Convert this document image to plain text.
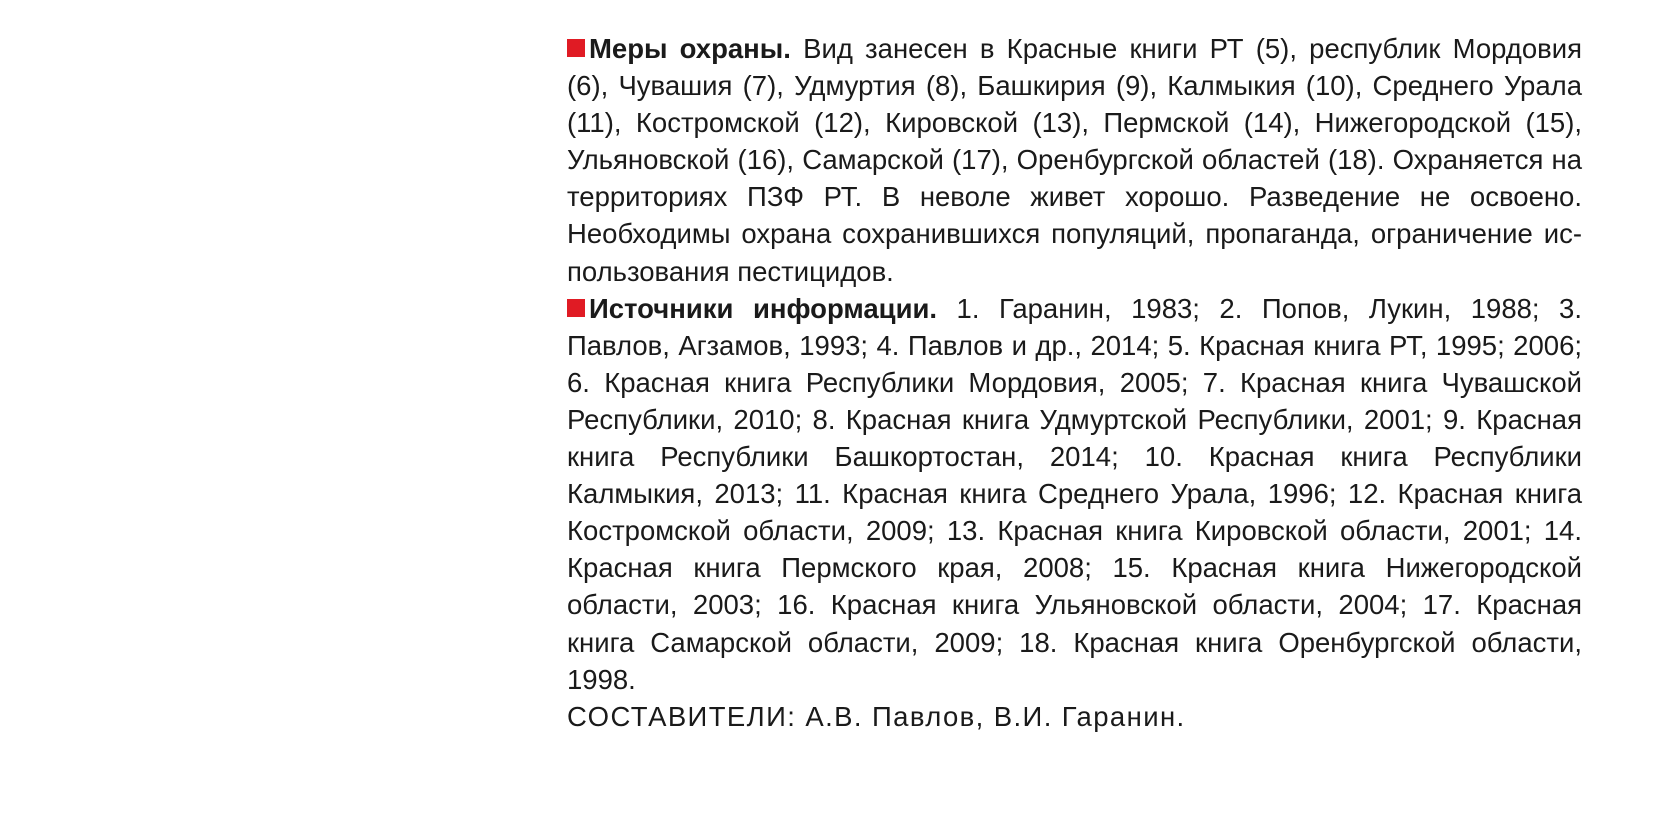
Меры охраны. Вид занесен в Красные книги РТ (5), республик Мордовия (6), Чувашия (7), Удмуртия (8), Башкирия (9), Калмыкия (10), Среднего Урала (11), Костромской (12), Кировской (13), Пермской (14), Нижегородской (15), Ульяновской (16), Самарской (17), Оренбургской областей (18). Охраняется на территориях ПЗФ РТ. В неволе живет хорошо. Разведение не освоено. Необходимы охрана сохранившихся популяций, пропаганда, ограничение использования пестицидов.

Источники информации. 1. Гаранин, 1983; 2. Попов, Лукин, 1988; 3. Павлов, Агзамов, 1993; 4. Павлов и др., 2014; 5. Красная книга РТ, 1995; 2006; 6. Красная книга Республики Мордовия, 2005; 7. Красная книга Чувашской Республики, 2010; 8. Красная книга Удмуртской Республики, 2001; 9. Красная книга Республики Башкортостан, 2014; 10. Красная книга Республики Калмыкия, 2013; 11. Красная книга Среднего Урала, 1996; 12. Красная книга Костромской области, 2009; 13. Красная книга Кировской области, 2001; 14. Красная книга Пермского края, 2008; 15. Красная книга Нижегородской области, 2003; 16. Красная книга Ульяновской области, 2004; 17. Красная книга Самарской области, 2009; 18. Красная книга Оренбургской области, 1998.

СОСТАВИТЕЛИ: А.В. Павлов, В.И. Гаранин.
